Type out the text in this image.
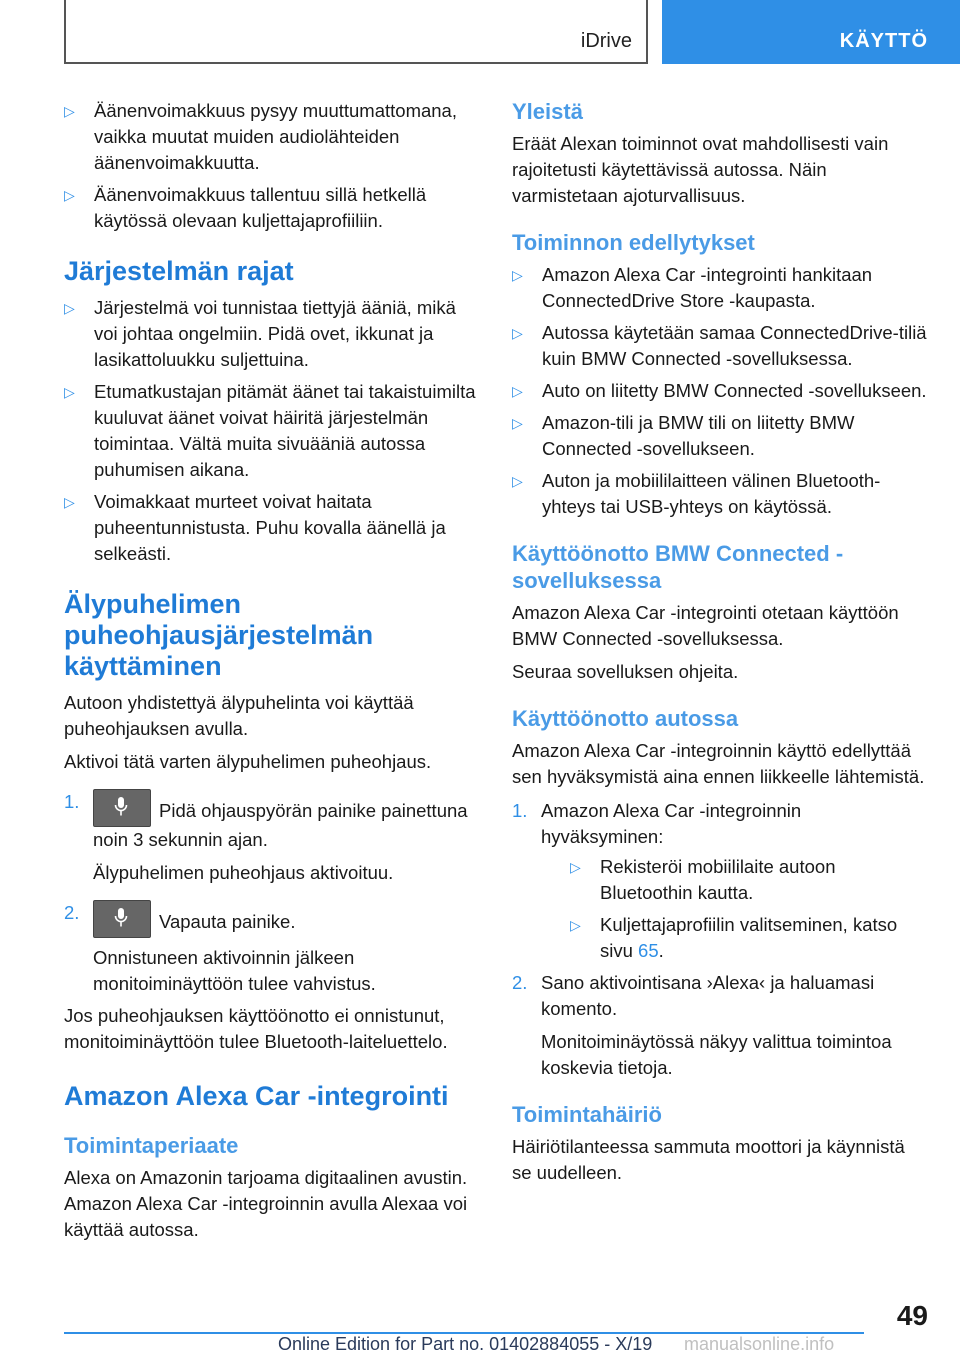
iDrive	KÄYTTÖ
▷ Äänenvoimakkuus pysyy muuttumattomana, vaikka muutat muiden audiolähteiden äänenvoimakkuutta.
▷ Äänenvoimakkuus tallentuu sillä hetkellä käytössä olevaan kuljettajaprofiiliin.
Järjestelmän rajat
▷ Järjestelmä voi tunnistaa tiettyjä ääniä, mikä voi johtaa ongelmiin. Pidä ovet, ikkunat ja lasikattoluukku suljettuina.
▷ Etumatkustajan pitämät äänet tai takaistuimilta kuuluvat äänet voivat häiritä järjestelmän toimintaa. Vältä muita sivuääniä autossa puhumisen aikana.
▷ Voimakkaat murteet voivat haitata puheentunnistusta. Puhu kovalla äänellä ja selkeästi.
Älypuhelimen puheohjausjärjestelmän käyttäminen

Autoon yhdistettyä älypuhelinta voi käyttää puheohjauksen avulla.

Aktivoi tätä varten älypuhelimen puheohjaus.

1.	Pidä ohjauspyörän painike painettuna noin 3 sekunnin ajan.

Älypuhelimen puheohjaus aktivoituu.

2.	Vapauta painike.

Onnistuneen aktivoinnin jälkeen monitoiminäyttöön tulee vahvistus.

Jos puheohjauksen käyttöönotto ei onnistunut, monitoiminäyttöön tulee Bluetooth-laiteluettelo.

Amazon Alexa Car -integrointi
Toimintaperiaate

Alexa on Amazonin tarjoama digitaalinen avustin. Amazon Alexa Car -integroinnin avulla Alexaa voi käyttää autossa.

Yleistä

Eräät Alexan toiminnot ovat mahdollisesti vain rajoitetusti käytettävissä autossa. Näin varmistetaan ajoturvallisuus.

Toiminnon edellytykset
▷ Amazon Alexa Car -integrointi hankitaan ConnectedDrive Store -kaupasta.
▷ Autossa käytetään samaa ConnectedDrive-tiliä kuin BMW Connected -sovelluksessa.
▷ Auto on liitetty BMW Connected -sovellukseen.
▷ Amazon-tili ja BMW tili on liitetty BMW Connected -sovellukseen.
▷ Auton ja mobiililaitteen välinen Bluetooth-yhteys tai USB-yhteys on käytössä.
Käyttöönotto BMW Connected -sovelluksessa

Amazon Alexa Car -integrointi otetaan käyttöön BMW Connected -sovelluksessa.

Seuraa sovelluksen ohjeita.

Käyttöönotto autossa

Amazon Alexa Car -integroinnin käyttö edellyttää sen hyväksymistä aina ennen liikkeelle lähtemistä.

1. Amazon Alexa Car -integroinnin hyväksyminen:
▷ Rekisteröi mobiililaite autoon Bluetoothin kautta.
▷ Kuljettajaprofiilin valitseminen, katso sivu 65.
2. Sano aktivointisana ›Alexa‹ ja haluamasi komento.

Monitoiminäytössä näkyy valittua toimintoa koskevia tietoja.

Toimintahäiriö

Häiriötilanteessa sammuta moottori ja käynnistä se uudelleen.

49
Online Edition for Part no. 01402884055 - X/19 manualsonline.info
